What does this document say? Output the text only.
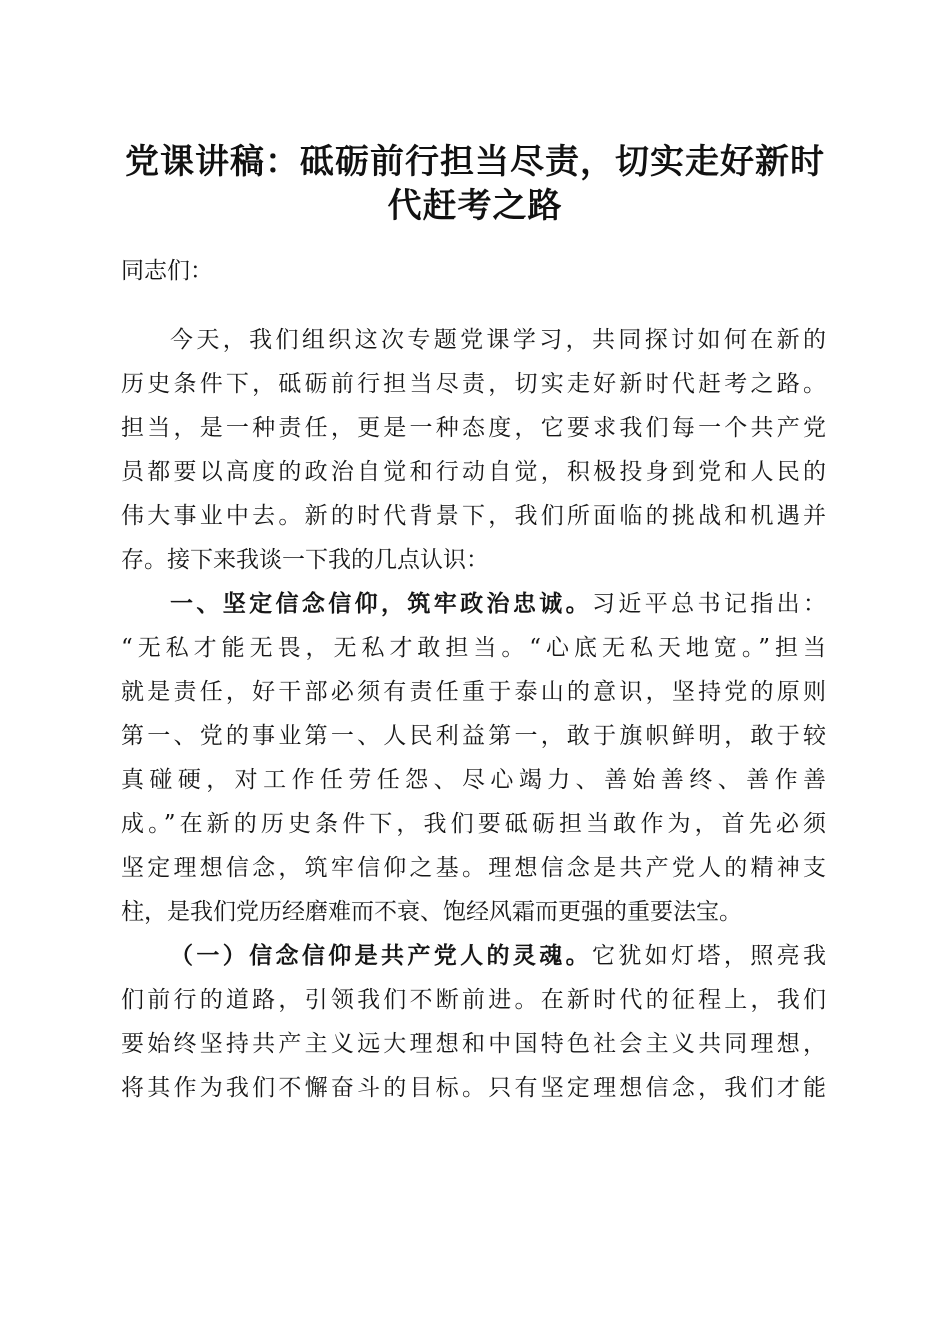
党课讲稿：砥砺前行担当尽责，切实走好新时
代赶考之路
同志们：
今天，我们组织这次专题党课学习，共同探讨如何在新的
历史条件下，砥砺前行担当尽责，切实走好新时代赶考之路。
担当，是一种责任，更是一种态度，它要求我们每一个共产党
员都要以高度的政治自觉和行动自觉，积极投身到党和人民的
伟大事业中去。新的时代背景下，我们所面临的挑战和机遇并
存。接下来我谈一下我的几点认识：
一、坚定信念信仰，筑牢政治忠诚。习近平总书记指出：
“无私才能无畏，无私才敢担当。“心底无私天地宽。”担当
就是责任，好干部必须有责任重于泰山的意识，坚持党的原则
第一、党的事业第一、人民利益第一，敢于旗帜鲜明，敢于较
真碰硬，对工作任劳任怨、尽心竭力、善始善终、善作善
成。”在新的历史条件下，我们要砥砺担当敢作为，首先必须
坚定理想信念，筑牢信仰之基。理想信念是共产党人的精神支
柱，是我们党历经磨难而不衰、饱经风霜而更强的重要法宝。
（一）信念信仰是共产党人的灵魂。它犹如灯塔，照亮我
们前行的道路，引领我们不断前进。在新时代的征程上，我们
要始终坚持共产主义远大理想和中国特色社会主义共同理想，
将其作为我们不懈奋斗的目标。只有坚定理想信念，我们才能
